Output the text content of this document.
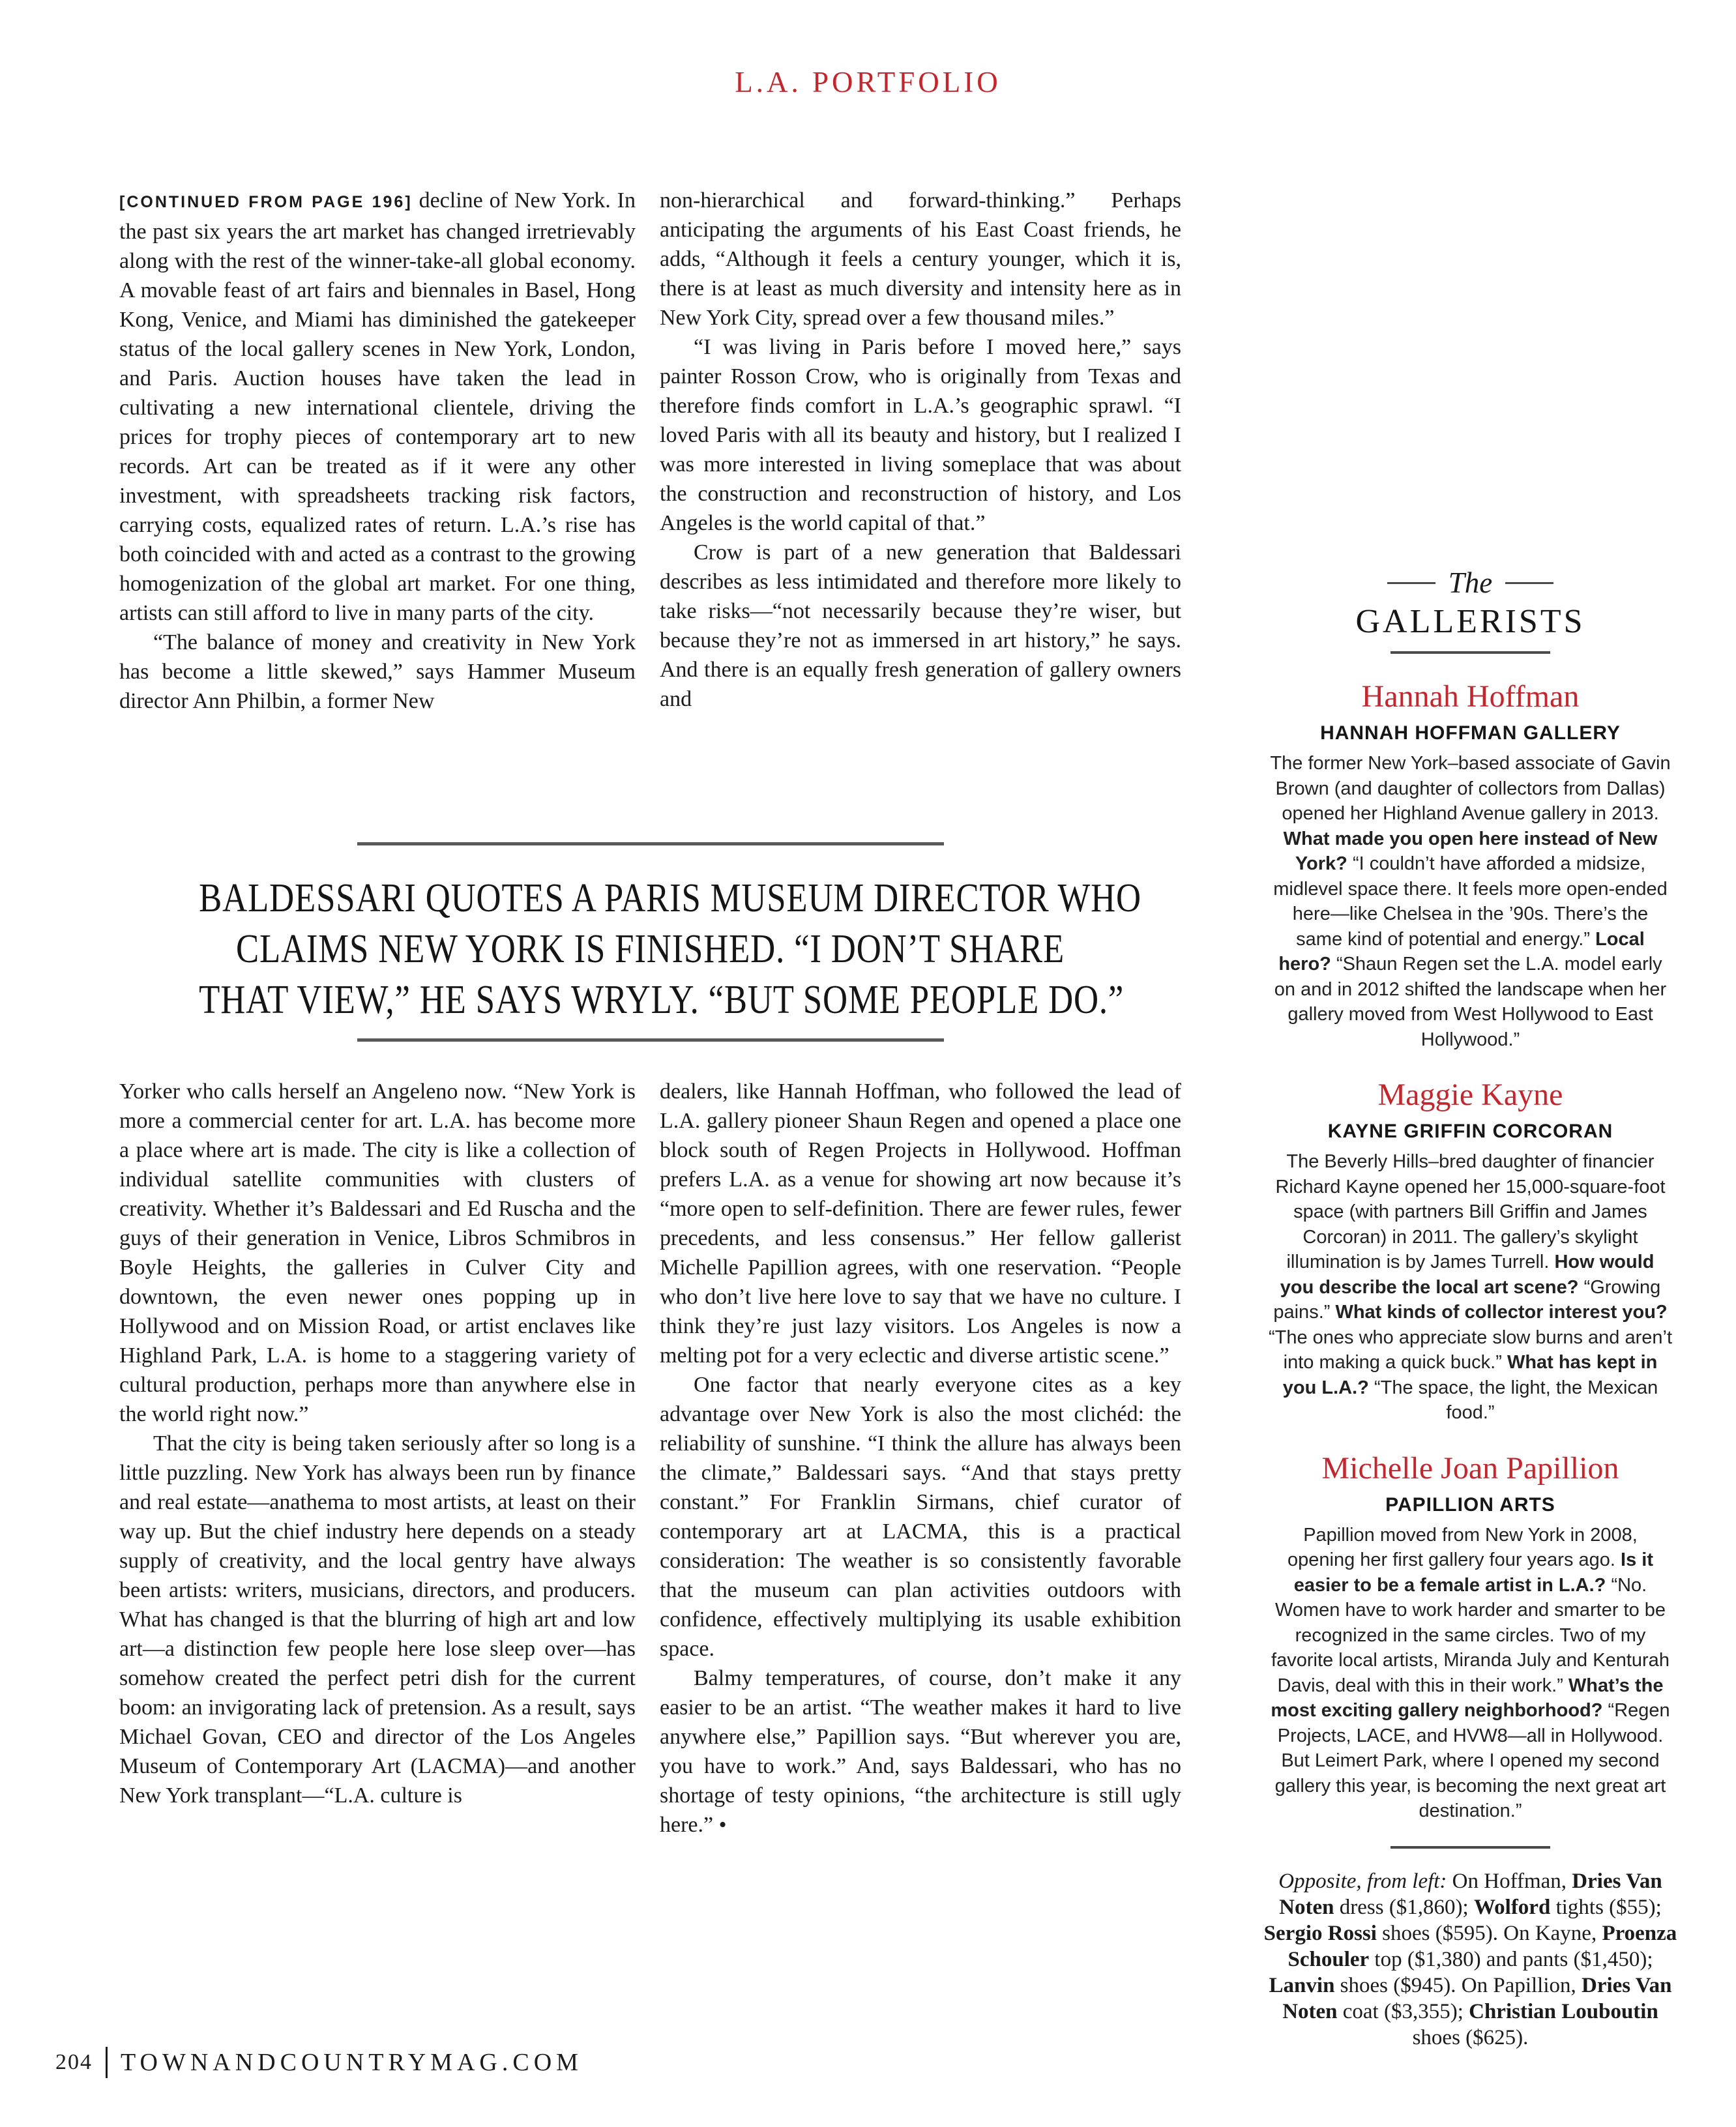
L.A. PORTFOLIO

[CONTINUED FROM PAGE 196] decline of New York. In the past six years the art market has changed irretrievably along with the rest of the winner-take-all global economy. A movable feast of art fairs and biennales in Basel, Hong Kong, Venice, and Miami has diminished the gatekeeper status of the local gallery scenes in New York, London, and Paris. Auction houses have taken the lead in cultivating a new international clientele, driving the prices for trophy pieces of contemporary art to new records. Art can be treated as if it were any other investment, with spreadsheets tracking risk factors, carrying costs, equalized rates of return. L.A.’s rise has both coincided with and acted as a contrast to the growing homogenization of the global art market. For one thing, artists can still afford to live in many parts of the city.

“The balance of money and creativity in New York has become a little skewed,” says Hammer Museum director Ann Philbin, a former New

non-hierarchical and forward-thinking.” Perhaps anticipating the arguments of his East Coast friends, he adds, “Although it feels a century younger, which it is, there is at least as much diversity and intensity here as in New York City, spread over a few thousand miles.”

“I was living in Paris before I moved here,” says painter Rosson Crow, who is originally from Texas and therefore finds comfort in L.A.’s geographic sprawl. “I loved Paris with all its beauty and history, but I realized I was more interested in living someplace that was about the construction and reconstruction of history, and Los Angeles is the world capital of that.”

Crow is part of a new generation that Baldessari describes as less intimidated and therefore more likely to take risks—“not necessarily because they’re wiser, but because they’re not as immersed in art history,” he says. And there is an equally fresh generation of gallery owners and

BALDESSARI QUOTES A PARIS MUSEUM DIRECTOR WHO
CLAIMS NEW YORK IS FINISHED. “I DON’T SHARE
THAT VIEW,” HE SAYS WRYLY. “BUT SOME PEOPLE DO.”

Yorker who calls herself an Angeleno now. “New York is more a commercial center for art. L.A. has become more a place where art is made. The city is like a collection of individual satellite communities with clusters of creativity. Whether it’s Baldessari and Ed Ruscha and the guys of their generation in Venice, Libros Schmibros in Boyle Heights, the galleries in Culver City and downtown, the even newer ones popping up in Hollywood and on Mission Road, or artist enclaves like Highland Park, L.A. is home to a staggering variety of cultural production, perhaps more than anywhere else in the world right now.”

That the city is being taken seriously after so long is a little puzzling. New York has always been run by finance and real estate—anathema to most artists, at least on their way up. But the chief industry here depends on a steady supply of creativity, and the local gentry have always been artists: writers, musicians, directors, and producers. What has changed is that the blurring of high art and low art—a distinction few people here lose sleep over—has somehow created the perfect petri dish for the current boom: an invigorating lack of pretension. As a result, says Michael Govan, CEO and director of the Los Angeles Museum of Contemporary Art (LACMA)—and another New York transplant—“L.A. culture is

dealers, like Hannah Hoffman, who followed the lead of L.A. gallery pioneer Shaun Regen and opened a place one block south of Regen Projects in Hollywood. Hoffman prefers L.A. as a venue for showing art now because it’s “more open to self-definition. There are fewer rules, fewer precedents, and less consensus.” Her fellow gallerist Michelle Papillion agrees, with one reservation. “People who don’t live here love to say that we have no culture. I think they’re just lazy visitors. Los Angeles is now a melting pot for a very eclectic and diverse artistic scene.”

One factor that nearly everyone cites as a key advantage over New York is also the most clichéd: the reliability of sunshine. “I think the allure has always been the climate,” Baldessari says. “And that stays pretty constant.” For Franklin Sirmans, chief curator of contemporary art at LACMA, this is a practical consideration: The weather is so consistently favorable that the museum can plan activities outdoors with confidence, effectively multiplying its usable exhibition space.

Balmy temperatures, of course, don’t make it any easier to be an artist. “The weather makes it hard to live anywhere else,” Papillion says. “But wherever you are, you have to work.” And, says Baldessari, who has no shortage of testy opinions, “the architecture is still ugly here.” •

The
GALLERISTS
Hannah Hoffman
HANNAH HOFFMAN GALLERY
The former New York–based associate of Gavin Brown (and daughter of collectors from Dallas) opened her Highland Avenue gallery in 2013. What made you open here instead of New York? “I couldn’t have afforded a midsize, midlevel space there. It feels more open-ended here—like Chelsea in the ’90s. There’s the same kind of potential and energy.” Local hero? “Shaun Regen set the L.A. model early on and in 2012 shifted the landscape when her gallery moved from West Hollywood to East Hollywood.”
Maggie Kayne
KAYNE GRIFFIN CORCORAN
The Beverly Hills–bred daughter of financier Richard Kayne opened her 15,000-square-foot space (with partners Bill Griffin and James Corcoran) in 2011. The gallery’s skylight illumination is by James Turrell. How would you describe the local art scene? “Growing pains.” What kinds of collector interest you? “The ones who appreciate slow burns and aren’t into making a quick buck.” What has kept in you L.A.? “The space, the light, the Mexican food.”
Michelle Joan Papillion
PAPILLION ARTS
Papillion moved from New York in 2008, opening her first gallery four years ago. Is it easier to be a female artist in L.A.? “No. Women have to work harder and smarter to be recognized in the same circles. Two of my favorite local artists, Miranda July and Kenturah Davis, deal with this in their work.” What’s the most exciting gallery neighborhood? “Regen Projects, LACE, and HVW8—all in Hollywood. But Leimert Park, where I opened my second gallery this year, is becoming the next great art destination.”
Opposite, from left: On Hoffman, Dries Van Noten dress ($1,860); Wolford tights ($55); Sergio Rossi shoes ($595). On Kayne, Proenza Schouler top ($1,380) and pants ($1,450); Lanvin shoes ($945). On Papillion, Dries Van Noten coat ($3,355); Christian Louboutin shoes ($625).
204 TOWNANDCOUNTRYMAG.COM
